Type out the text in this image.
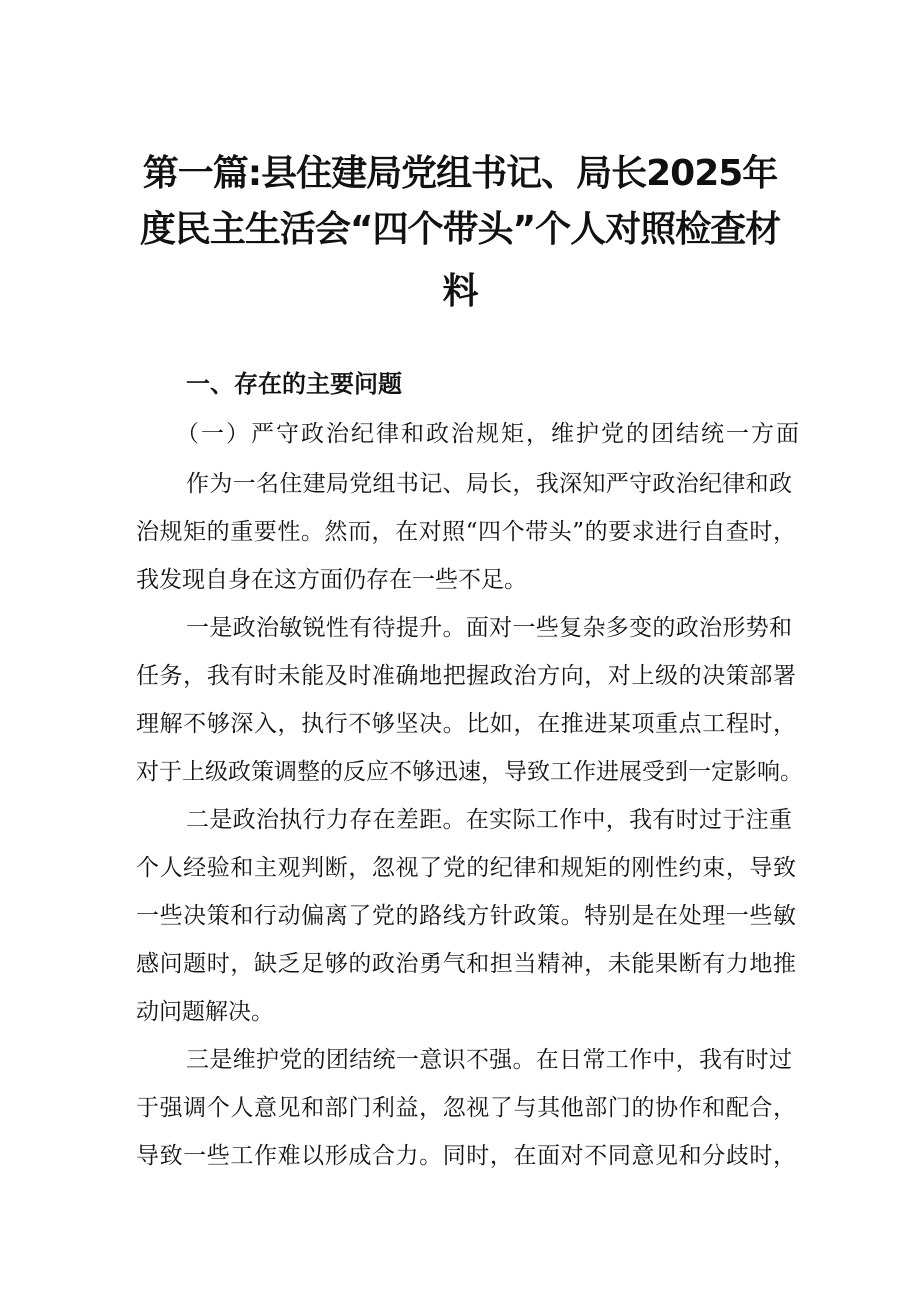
第一篇:县住建局党组书记、局长2025年
度民主生活会“四个带头”个人对照检查材
料
一、存在的主要问题
（一）严守政治纪律和政治规矩，维护党的团结统一方面
作为一名住建局党组书记、局长，我深知严守政治纪律和政
治规矩的重要性。然而，在对照“四个带头”的要求进行自查时，
我发现自身在这方面仍存在一些不足。
一是政治敏锐性有待提升。面对一些复杂多变的政治形势和
任务，我有时未能及时准确地把握政治方向，对上级的决策部署
理解不够深入，执行不够坚决。比如，在推进某项重点工程时，
对于上级政策调整的反应不够迅速，导致工作进展受到一定影响。
二是政治执行力存在差距。在实际工作中，我有时过于注重
个人经验和主观判断，忽视了党的纪律和规矩的刚性约束，导致
一些决策和行动偏离了党的路线方针政策。特别是在处理一些敏
感问题时，缺乏足够的政治勇气和担当精神，未能果断有力地推
动问题解决。
三是维护党的团结统一意识不强。在日常工作中，我有时过
于强调个人意见和部门利益，忽视了与其他部门的协作和配合，
导致一些工作难以形成合力。同时，在面对不同意见和分歧时，
